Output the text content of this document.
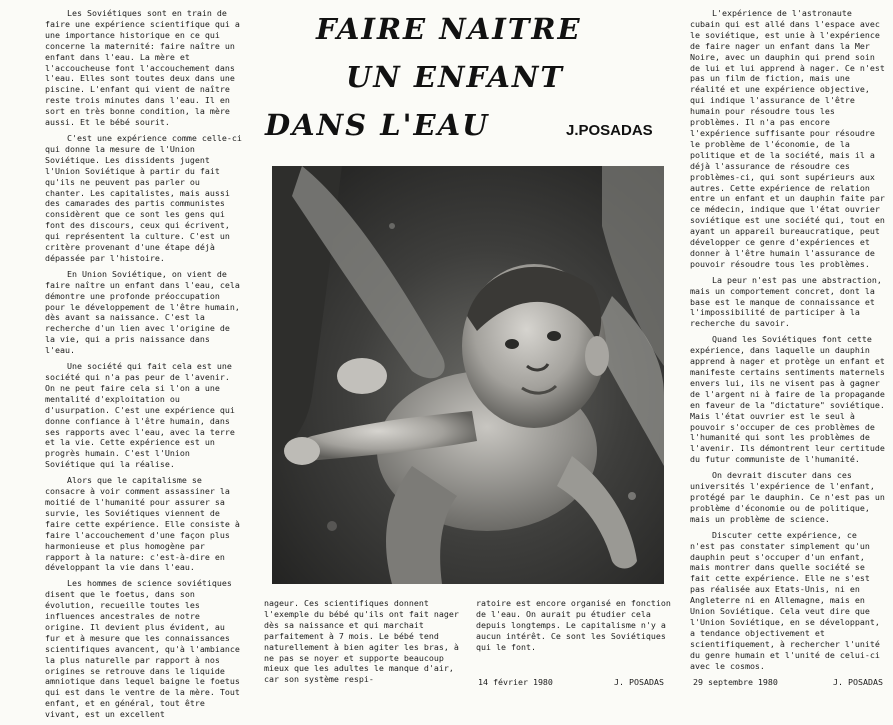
Les Soviétiques sont en train de faire une expérience scientifique qui a une importance historique en ce qui concerne la maternité: faire naître un enfant dans l'eau. La mère et l'accoucheuse font l'accouchement dans l'eau. Elles sont toutes deux dans une piscine. L'enfant qui vient de naître reste trois minutes dans l'eau. Il en sort en très bonne condition, la mère aussi. Et le bébé sourit.

C'est une expérience comme celle-ci qui donne la mesure de l'Union Soviétique. Les dissidents jugent l'Union Soviétique à partir du fait qu'ils ne peuvent pas parler ou chanter. Les capitalistes, mais aussi des camarades des partis communistes considèrent que ce sont les gens qui font des discours, ceux qui écrivent, qui représentent la culture. C'est un critère provenant d'une étape déjà dépassée par l'histoire.

En Union Soviétique, on vient de faire naître un enfant dans l'eau, cela démontre une profonde préoccupation pour le développement de l'être humain, dès avant sa naissance. C'est la recherche d'un lien avec l'origine de la vie, qui a pris naissance dans l'eau.

Une société qui fait cela est une société qui n'a pas peur de l'avenir. On ne peut faire cela si l'on a une mentalité d'exploitation ou d'usurpation. C'est une expérience qui donne confiance à l'être humain, dans ses rapports avec l'eau, avec la terre et la vie. Cette expérience est un progrès humain. C'est l'Union Soviétique qui la réalise.

Alors que le capitalisme se consacre à voir comment assassiner la moitié de l'humanité pour assurer sa survie, les Soviétiques viennent de faire cette expérience. Elle consiste à faire l'accouchement d'une façon plus harmonieuse et plus homogène par rapport à la nature: c'est-à-dire en développant la vie dans l'eau.

Les hommes de science soviétiques disent que le foetus, dans son évolution, recueille toutes les influences ancestrales de notre origine. Il devient plus évident, au fur et à mesure que les connaissances scientifiques avancent, qu'à l'ambiance la plus naturelle par rapport à nos origines se retrouve dans le liquide amniotique dans lequel baigne le foetus qui est dans le ventre de la mère. Tout enfant, et en général, tout être vivant, est un excellent

FAIRE NAITRE
UN ENFANT
DANS L'EAU	J.POSADAS

nageur. Ces scientifiques donnent l'exemple du bébé qu'ils ont fait nager dès sa naissance et qui marchait parfaitement à 7 mois. Le bébé tend naturellement à bien agiter les bras, à ne pas se noyer et supporte beaucoup mieux que les adultes le manque d'air, car son système respi-

ratoire est encore organisé en fonction de l'eau. On aurait pu étudier cela depuis longtemps. Le capitalisme n'y a aucun intérêt. Ce sont les Soviétiques qui le font.

L'expérience de l'astronaute cubain qui est allé dans l'espace avec le soviétique, est unie à l'expérience de faire nager un enfant dans la Mer Noire, avec un dauphin qui prend soin de lui et lui apprend à nager. Ce n'est pas un film de fiction, mais une réalité et une expérience objective, qui indique l'assurance de l'être humain pour résoudre tous les problèmes. Il n'a pas encore l'expérience suffisante pour résoudre le problème de l'économie, de la politique et de la société, mais il a déjà l'assurance de résoudre ces problèmes-ci, qui sont supérieurs aux autres. Cette expérience de relation entre un enfant et un dauphin faite par ce médecin, indique que l'état ouvrier soviétique est une société qui, tout en ayant un appareil bureaucratique, peut développer ce genre d'expériences et donner à l'être humain l'assurance de pouvoir résoudre tous les problèmes.

La peur n'est pas une abstraction, mais un comportement concret, dont la base est le manque de connaissance et l'impossibilité de participer à la recherche du savoir.

Quand les Soviétiques font cette expérience, dans laquelle un dauphin apprend à nager et protège un enfant et manifeste certains sentiments maternels envers lui, ils ne visent pas à gagner de l'argent ni à faire de la propagande en faveur de la "dictature" soviétique. Mais l'état ouvrier est le seul à pouvoir s'occuper de ces problèmes de l'humanité qui sont les problèmes de l'avenir. Ils démontrent leur certitude du futur communiste de l'humanité.

On devrait discuter dans ces universités l'expérience de l'enfant, protégé par le dauphin. Ce n'est pas un problème d'économie ou de politique, mais un problème de science.

Discuter cette expérience, ce n'est pas constater simplement qu'un dauphin peut s'occuper d'un enfant, mais montrer dans quelle société se fait cette expérience. Elle ne s'est pas réalisée aux Etats-Unis, ni en Angleterre ni en Allemagne, mais en Union Soviétique. Cela veut dire que l'Union Soviétique, en se développant, a tendance objectivement et scientifiquement, à rechercher l'unité du genre humain et l'unité de celui-ci avec le cosmos.

14 février 1980	J. POSADAS	29 septembre 1980	J. POSADAS
